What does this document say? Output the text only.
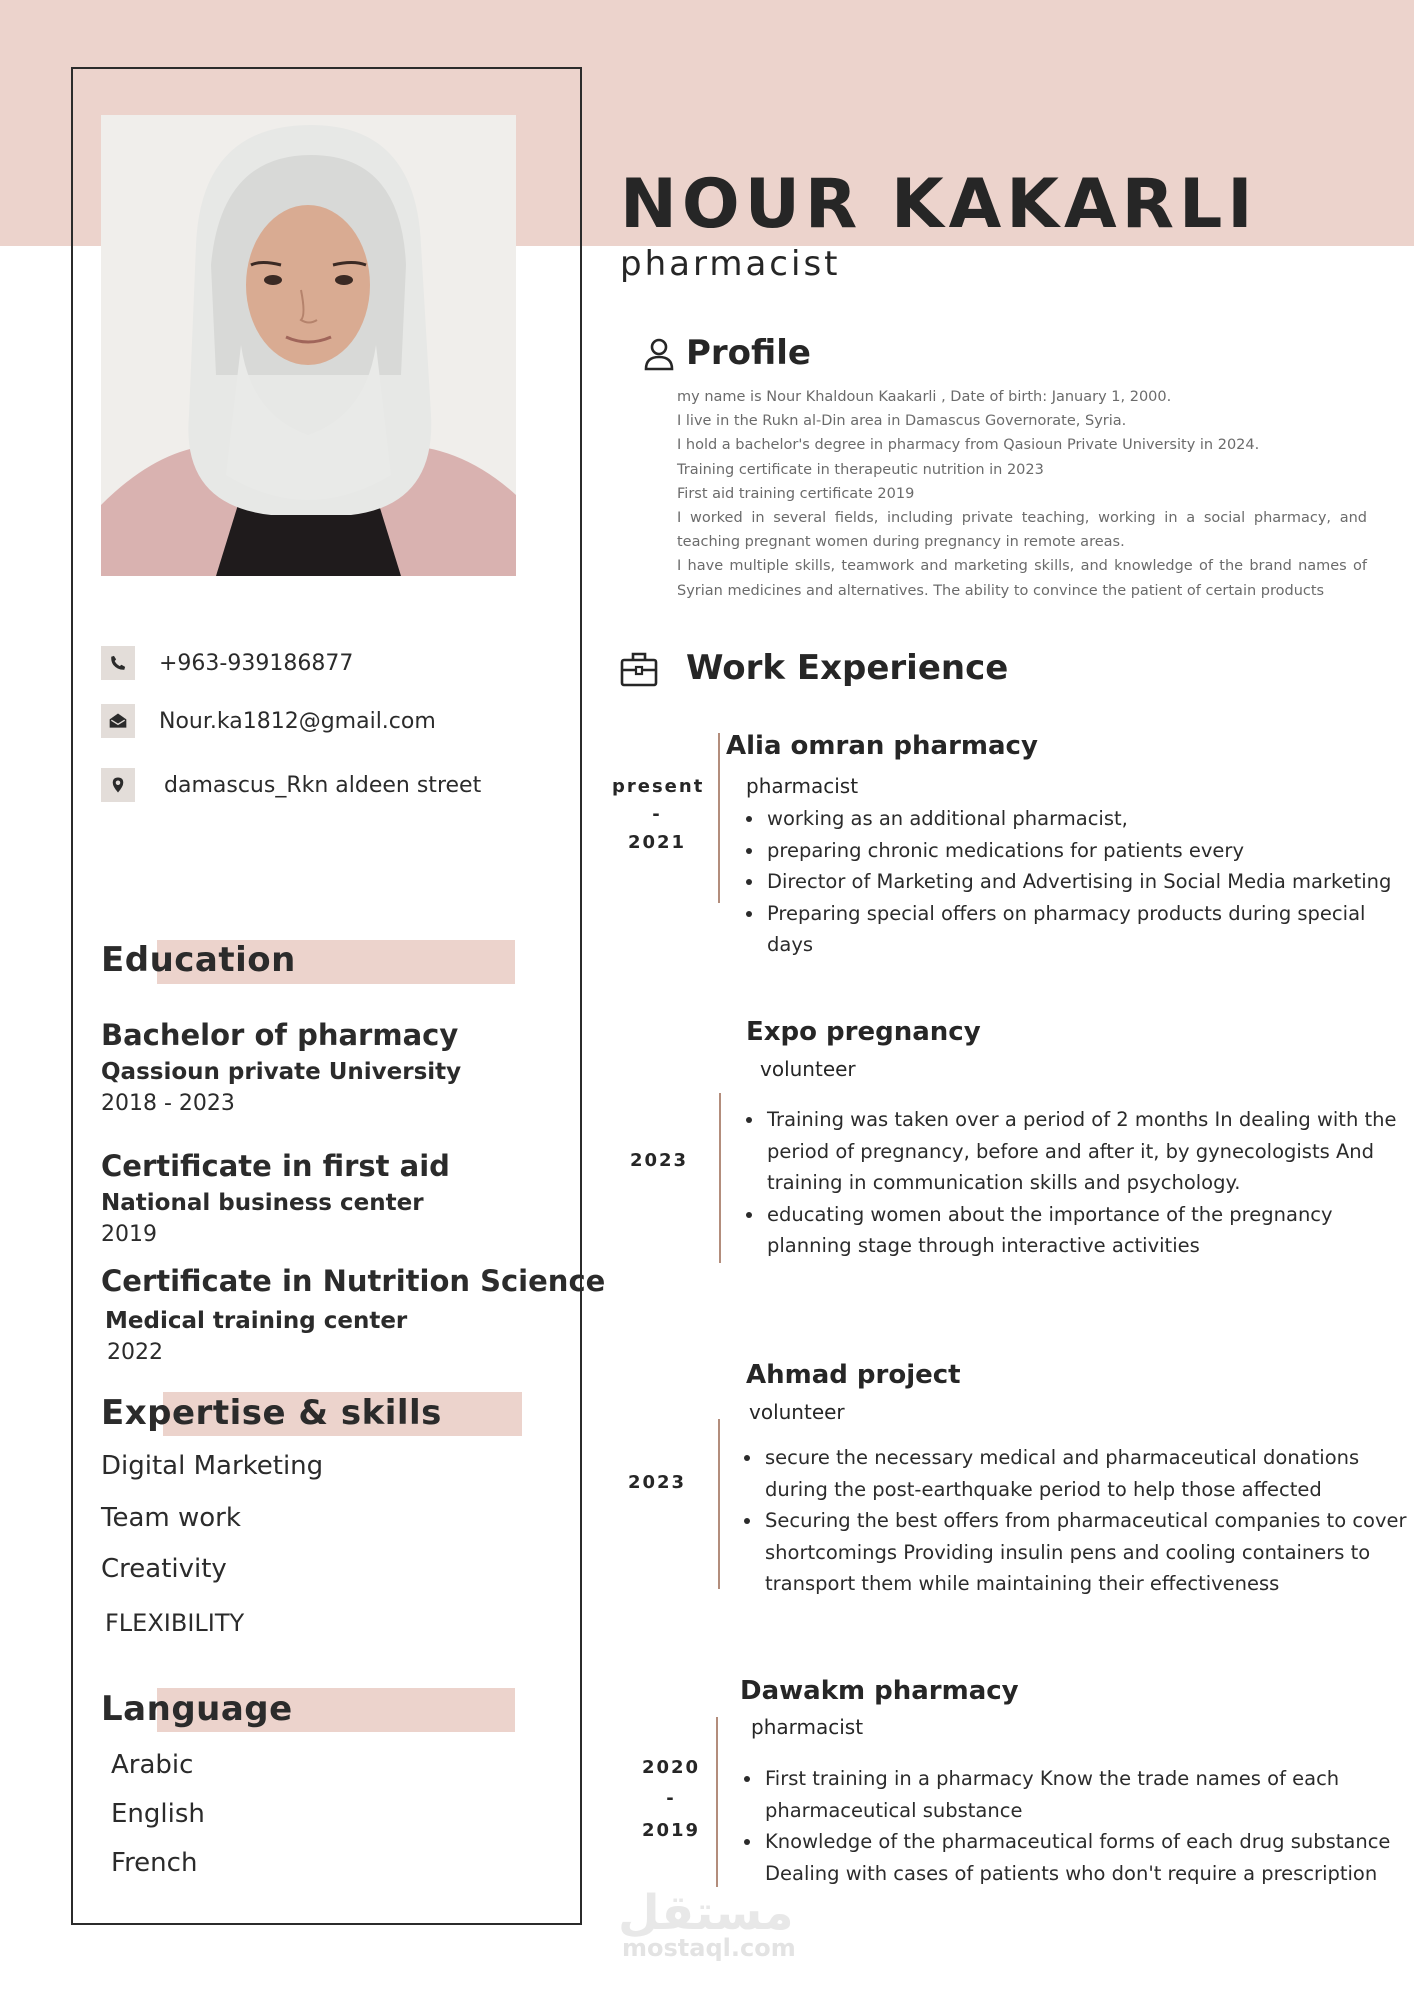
+963-939186877
Nour.ka1812@gmail.com
damascus_Rkn aldeen street
Education
Bachelor of pharmacy
Qassioun private University
2018 - 2023
Certificate in first aid
National business center
2019
Certificate in Nutrition Science
Medical training center
2022
Expertise & skills
Digital Marketing
Team work
Creativity
FLEXIBILITY
Language
Arabic
English
French
NOUR KAKARLI
pharmacist
Profile
my name is Nour Khaldoun Kaakarli , Date of birth: January 1, 2000.
I live in the Rukn al-Din area in Damascus Governorate, Syria.
I hold a bachelor's degree in pharmacy from Qasioun Private University in 2024.
Training certificate in therapeutic nutrition in 2023
First aid training certificate 2019
I worked in several fields, including private teaching, working in a social pharmacy, and teaching pregnant women during pregnancy in remote areas.
I have multiple skills, teamwork and marketing skills, and knowledge of the brand names of Syrian medicines and alternatives. The ability to convince the patient of certain products
Work Experience
present
-
2021
Alia omran pharmacy
pharmacist
working as an additional pharmacist,
preparing chronic medications for patients every
Director of Marketing and Advertising in Social Media marketing
Preparing special offers on pharmacy products during special days
2023
Expo pregnancy
volunteer
Training was taken over a period of 2 months In dealing with the period of pregnancy, before and after it, by gynecologists And training in communication skills and psychology.
educating women about the importance of the pregnancy planning stage through interactive activities
2023
Ahmad project
volunteer
secure the necessary medical and pharmaceutical donations during the post-earthquake period to help those affected
Securing the best offers from pharmaceutical companies to cover shortcomings Providing insulin pens and cooling containers to transport them while maintaining their effectiveness
2020
-
2019
Dawakm pharmacy
pharmacist
First training in a pharmacy Know the trade names of each pharmaceutical substance
Knowledge of the pharmaceutical forms of each drug substance Dealing with cases of patients who don't require a prescription
مستقل
mostaql.com
